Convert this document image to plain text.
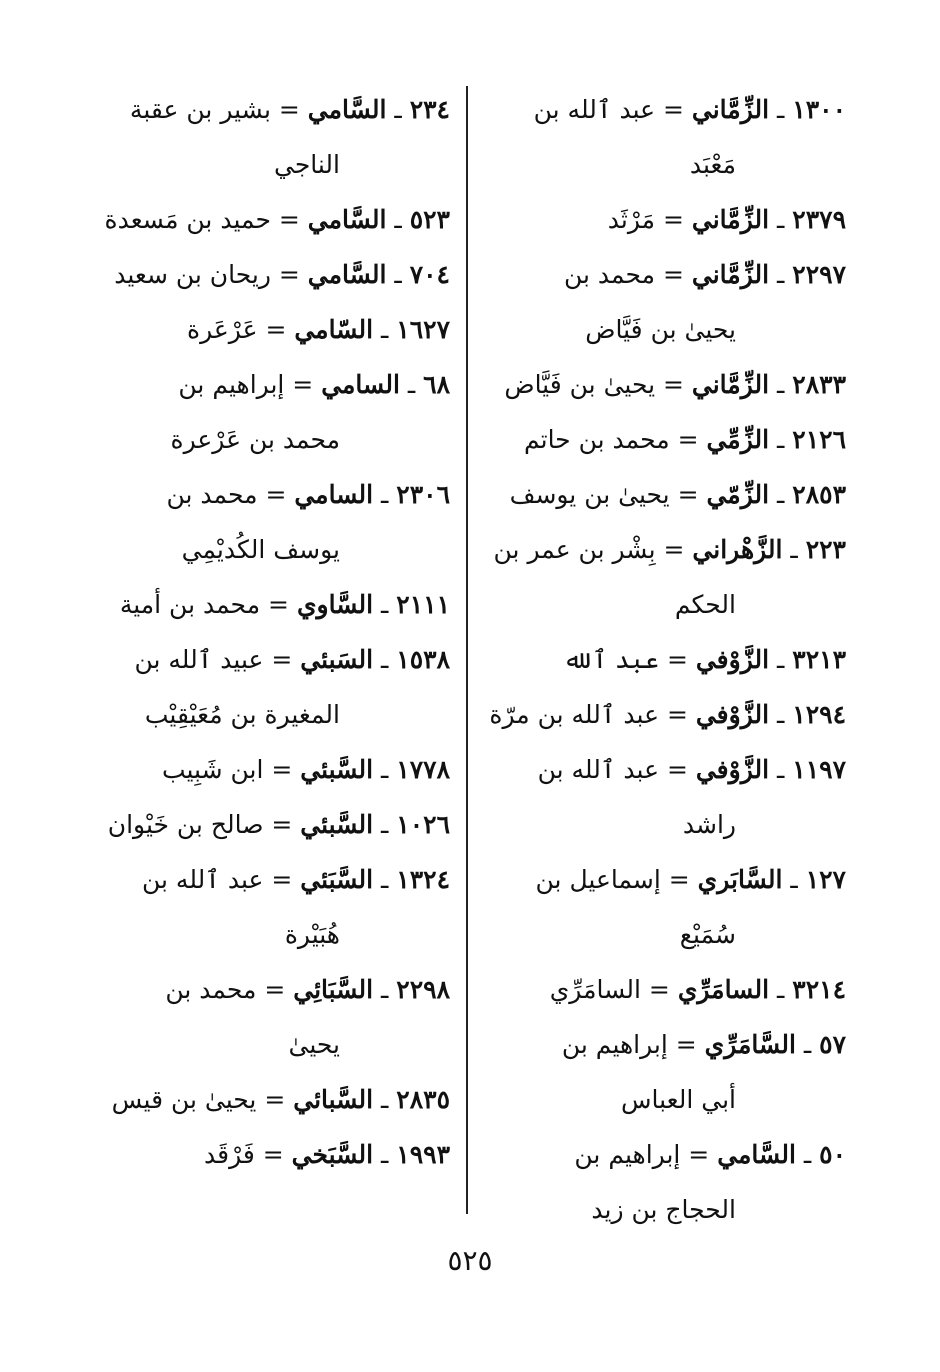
١٣٠٠ ـ الزِّمَّاني = عبد ٱلله بن
مَعْبَد

٢٣٧٩ ـ الزِّمَّاني = مَرْثَد

٢٢٩٧ ـ الزِّمَّاني = محمد بن
يحيىٰ بن فَيَّاض

٢٨٣٣ ـ الزِّمَّاني = يحيىٰ بن فَيَّاض

٢١٢٦ ـ الزِّمِّي = محمد بن حاتم

٢٨٥٣ ـ الزِّمّي = يحيىٰ بن يوسف

٢٢٣ ـ الزَّهْراني = بِشْر بن عمر بن
الحكم

٣٢١٣ ـ الزَّوْفي = عبد ٱلله

١٢٩٤ ـ الزَّوْفي = عبد ٱلله بن مرّة

١١٩٧ ـ الزَّوْفي = عبد ٱلله بن
راشد

١٢٧ ـ السَّابَري = إسماعيل بن
سُمَيْع

٣٢١٤ ـ السامَرِّي = السامَرِّي

٥٧ ـ السَّامَرِّي = إبراهيم بن
أبي العباس

٥٠ ـ السَّامي = إبراهيم بن
الحجاج بن زيد

٢٣٤ ـ السَّامي = بشير بن عقبة
الناجي

٥٢٣ ـ السَّامي = حميد بن مَسعدة

٧٠٤ ـ السَّامي = ريحان بن سعيد

١٦٢٧ ـ السّامي = عَرْعَرة

٦٨ ـ السامي = إبراهيم بن
محمد بن عَرْعرة

٢٣٠٦ ـ السامي = محمد بن
يوسف الكُديْمِي

٢١١١ ـ السَّاوي = محمد بن أمية

١٥٣٨ ـ السَبئي = عبيد ٱلله بن
المغيرة بن مُعَيْقِيْب

١٧٧٨ ـ السَّبئي = ابن شَبِيب

١٠٢٦ ـ السَّبئي = صالح بن خَيْوان

١٣٢٤ ـ السَّبَئي = عبد ٱلله بن
هُبَيْرة

٢٢٩٨ ـ السَّبَائِي = محمد بن
يحيىٰ

٢٨٣٥ ـ السَّبائي = يحيىٰ بن قيس

١٩٩٣ ـ السَّبَخي = فَرْقَد

٥٢٥
